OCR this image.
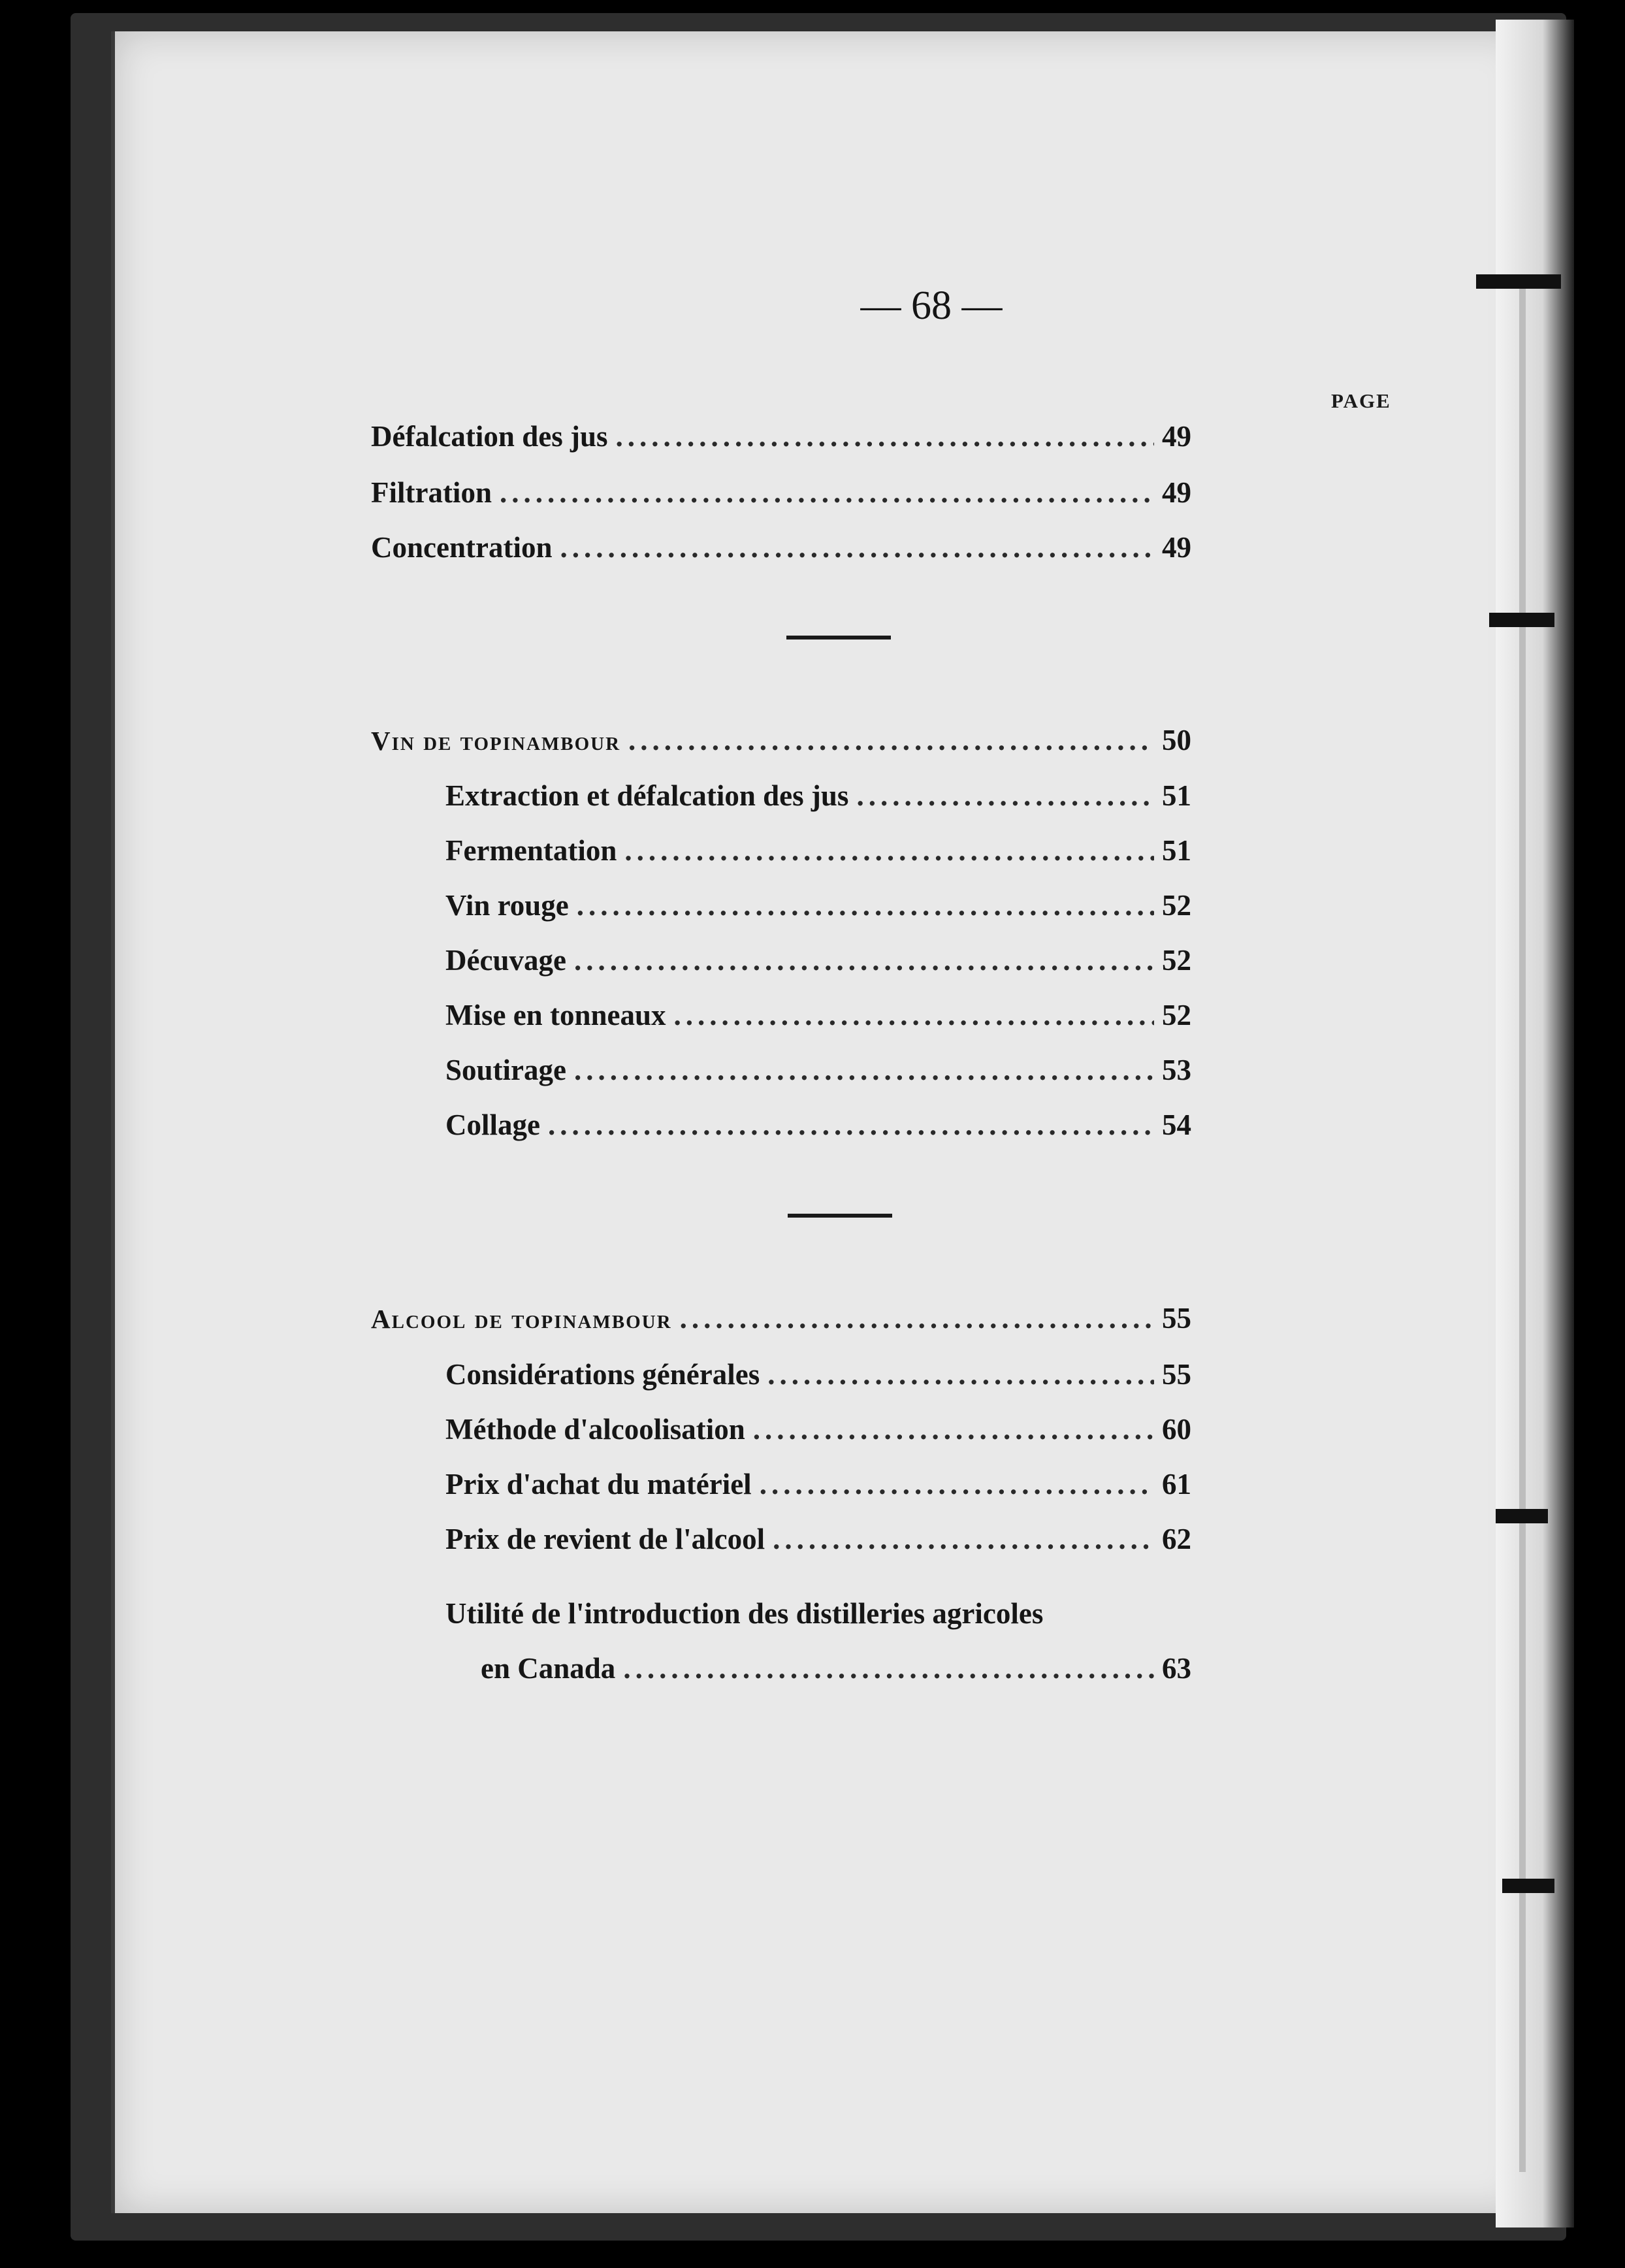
— 68 —
PAGE
Défalcation des jus .....	49
Filtration .....	49
Concentration .....	49
Vin de topinambour .....	50
Extraction et défalcation des jus .....	51
Fermentation .....	51
Vin rouge .....	52
Décuvage .....	52
Mise en tonneaux .....	52
Soutirage .....	53
Collage .....	54
Alcool de topinambour .....	55
Considérations générales .....	55
Méthode d'alcoolisation .....	60
Prix d'achat du matériel .....	61
Prix de revient de l'alcool .....	62
Utilité de l'introduction des distilleries agricoles
en Canada .....	63
